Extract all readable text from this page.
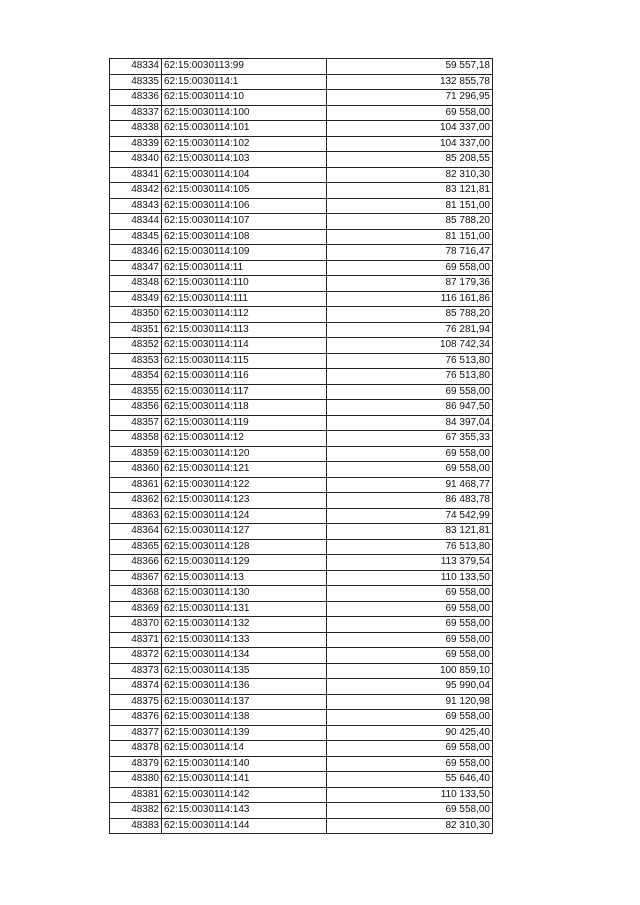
48334	62:15:0030113:99	59 557,18
48335	62:15:0030114:1	132 855,78
48336	62:15:0030114:10	71 296,95
48337	62:15:0030114:100	69 558,00
48338	62:15:0030114:101	104 337,00
48339	62:15:0030114:102	104 337,00
48340	62:15:0030114:103	85 208,55
48341	62:15:0030114:104	82 310,30
48342	62:15:0030114:105	83 121,81
48343	62:15:0030114:106	81 151,00
48344	62:15:0030114:107	85 788,20
48345	62:15:0030114:108	81 151,00
48346	62:15:0030114:109	78 716,47
48347	62:15:0030114:11	69 558,00
48348	62:15:0030114:110	87 179,36
48349	62:15:0030114:111	116 161,86
48350	62:15:0030114:112	85 788,20
48351	62:15:0030114:113	76 281,94
48352	62:15:0030114:114	108 742,34
48353	62:15:0030114:115	76 513,80
48354	62:15:0030114:116	76 513,80
48355	62:15:0030114:117	69 558,00
48356	62:15:0030114:118	86 947,50
48357	62:15:0030114:119	84 397,04
48358	62:15:0030114:12	67 355,33
48359	62:15:0030114:120	69 558,00
48360	62:15:0030114:121	69 558,00
48361	62:15:0030114:122	91 468,77
48362	62:15:0030114:123	86 483,78
48363	62:15:0030114:124	74 542,99
48364	62:15:0030114:127	83 121,81
48365	62:15:0030114:128	76 513,80
48366	62:15:0030114:129	113 379,54
48367	62:15:0030114:13	110 133,50
48368	62:15:0030114:130	69 558,00
48369	62:15:0030114:131	69 558,00
48370	62:15:0030114:132	69 558,00
48371	62:15:0030114:133	69 558,00
48372	62:15:0030114:134	69 558,00
48373	62:15:0030114:135	100 859,10
48374	62:15:0030114:136	95 990,04
48375	62:15:0030114:137	91 120,98
48376	62:15:0030114:138	69 558,00
48377	62:15:0030114:139	90 425,40
48378	62:15:0030114:14	69 558,00
48379	62:15:0030114:140	69 558,00
48380	62:15:0030114:141	55 646,40
48381	62:15:0030114:142	110 133,50
48382	62:15:0030114:143	69 558,00
48383	62:15:0030114:144	82 310,30
